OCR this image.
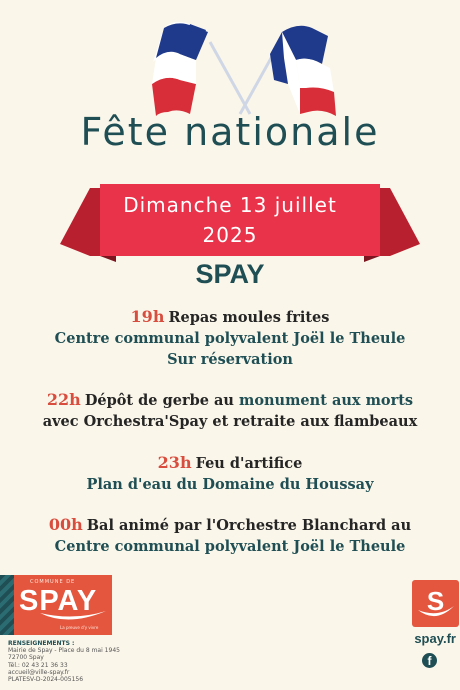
Fête nationale
Dimanche 13 juillet
2025
SPAY
19h Repas moules frites
Centre communal polyvalent Joël le Theule
Sur réservation
22h Dépôt de gerbe au monument aux morts
avec Orchestra'Spay et retraite aux flambeaux
23h Feu d'artifice
Plan d'eau du Domaine du Houssay
00h Bal animé par l'Orchestre Blanchard au
Centre communal polyvalent Joël le Theule
COMMUNE DE
SPAY
La preuve d'y vivre
RENSEIGNEMENTS :
Mairie de Spay - Place du 8 mai 1945
72700 Spay
Tél.: 02 43 21 36 33
accueil@ville-spay.fr
PLATESV-D-2024-005156
S
spay.fr
f
